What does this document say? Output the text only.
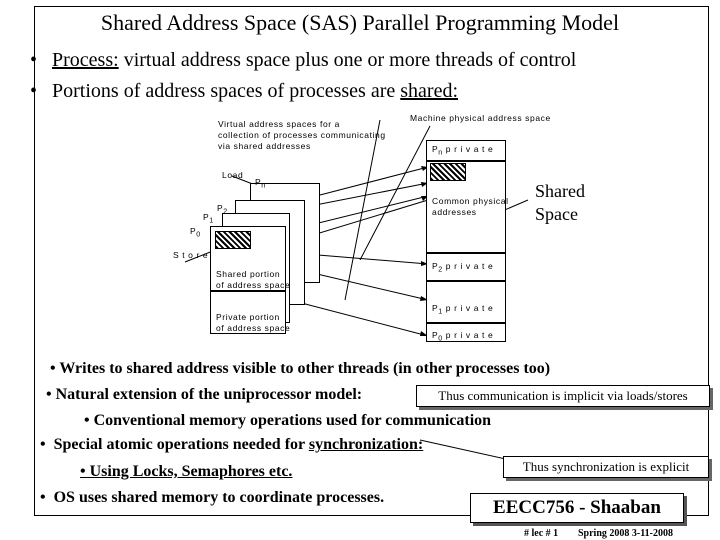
Shared Address Space (SAS) Parallel Programming Model
• Process: virtual address space plus one or more threads of control
• Portions of address spaces of processes are shared:
Virtual address spaces for a
collection of processes communicating
via shared addresses
Machine physical address space
Load
$P_n$
$P_2$
$P_1$
$P_0$
S t o r e
Shared portion
of address space
Private portion
of address space
$P_n$ p r i v a t e
Common physical
addresses
$P_2$ p r i v a t e
$P_1$ p r i v a t e
$P_0$ p r i v a t e
Shared
Space
• Writes to shared address visible to other threads (in other processes too)
• Natural extension of the uniprocessor model:	Thus communication is implicit via loads/stores
• Conventional memory operations used for communication
• Special atomic operations needed for synchronization:
Thus synchronization is explicit
• Using Locks, Semaphores etc.
• OS uses shared memory to coordinate processes.	EECC756 - Shaaban
# lec # 1 Spring 2008 3-11-2008
